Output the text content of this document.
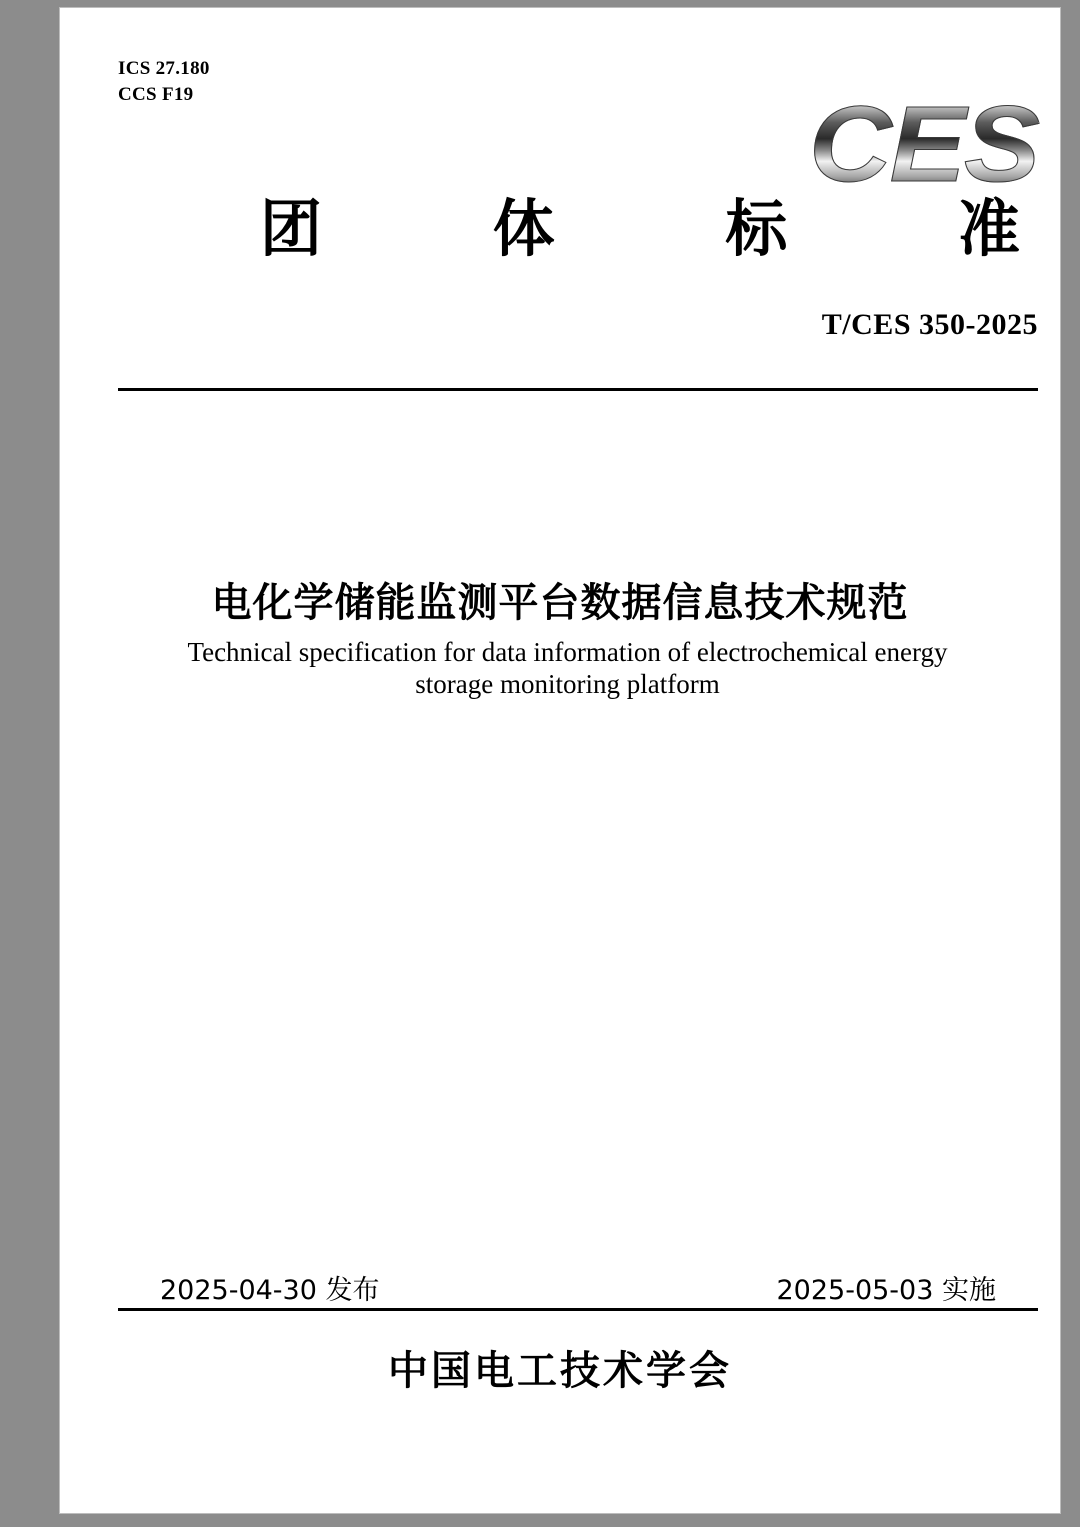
ICS 27.180
CCS F19	CES
团	体	标	准
T/CES 350-2025
电化学储能监测平台数据信息技术规范
Technical specification for data information of electrochemical energy storage monitoring platform
2025-04-30 发布	2025-05-03 实施
中国电工技术学会
